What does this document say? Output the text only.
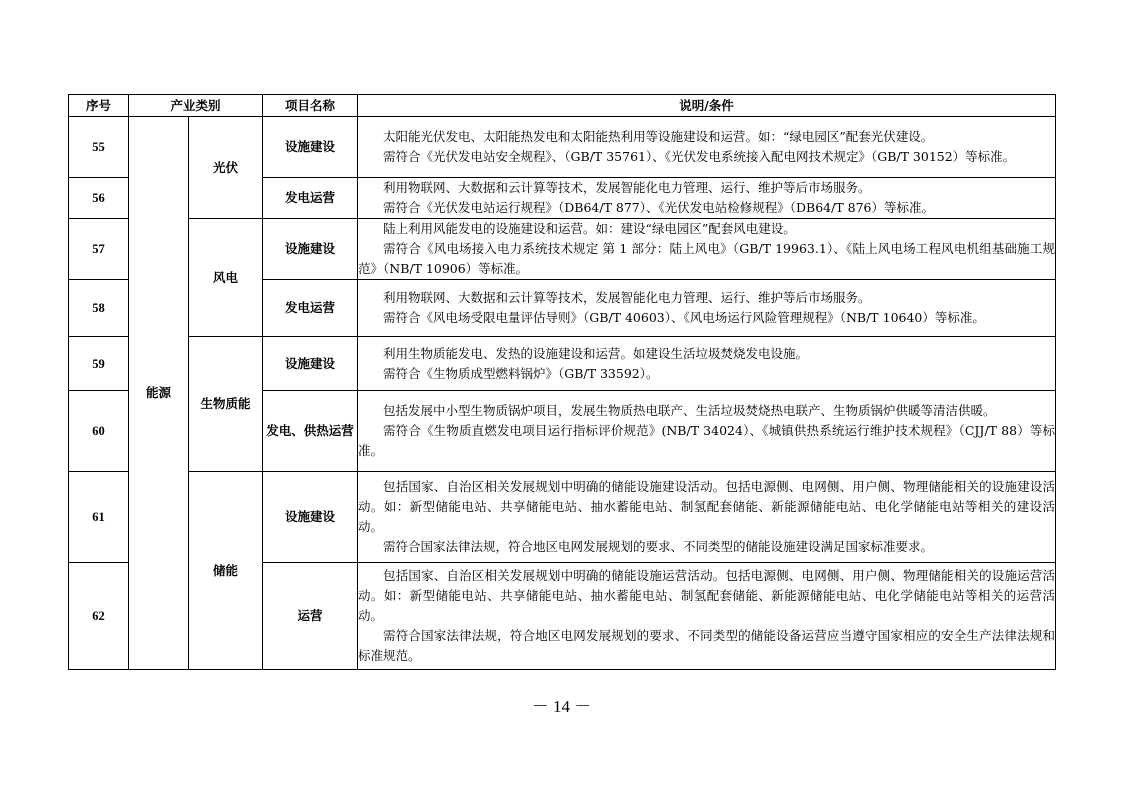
序号	产业类别		项目名称	说明/条件
55	能源	光伏	设施建设	太阳能光伏发电、太阳能热发电和太阳能热利用等设施建设和运营。如：“绿电园区”配套光伏建设。

需符合《光伏发电站安全规程》、（GB/T 35761）、《光伏发电系统接入配电网技术规定》（GB/T 30152）等标准。

56			发电运营	利用物联网、大数据和云计算等技术，发展智能化电力管理、运行、维护等后市场服务。

需符合《光伏发电站运行规程》（DB64/T 877）、《光伏发电站检修规程》（DB64/T 876）等标准。

57		风电	设施建设	陆上利用风能发电的设施建设和运营。如：建设“绿电园区”配套风电建设。

需符合《风电场接入电力系统技术规定 第 1 部分：陆上风电》（GB/T 19963.1）、《陆上风电场工程风电机组基础施工规范》（NB/T 10906）等标准。

58			发电运营	利用物联网、大数据和云计算等技术，发展智能化电力管理、运行、维护等后市场服务。

需符合《风电场受限电量评估导则》（GB/T 40603）、《风电场运行风险管理规程》（NB/T 10640）等标准。

59		生物质能	设施建设	利用生物质能发电、发热的设施建设和运营。如建设生活垃圾焚烧发电设施。

需符合《生物质成型燃料锅炉》（GB/T 33592）。

60			发电、供热运营	包括发展中小型生物质锅炉项目，发展生物质热电联产、生活垃圾焚烧热电联产、生物质锅炉供暖等清洁供暖。

需符合《生物质直燃发电项目运行指标评价规范》(NB/T 34024）、《城镇供热系统运行维护技术规程》（CJJ/T 88）等标准。

61		储能	设施建设	包括国家、自治区相关发展规划中明确的储能设施建设活动。包括电源侧、电网侧、用户侧、物理储能相关的设施建设活动。如：新型储能电站、共享储能电站、抽水蓄能电站、制氢配套储能、新能源储能电站、电化学储能电站等相关的建设活动。

需符合国家法律法规，符合地区电网发展规划的要求、不同类型的储能设施建设满足国家标准要求。

62			运营	包括国家、自治区相关发展规划中明确的储能设施运营活动。包括电源侧、电网侧、用户侧、物理储能相关的设施运营活动。如：新型储能电站、共享储能电站、抽水蓄能电站、制氢配套储能、新能源储能电站、电化学储能电站等相关的运营活动。

需符合国家法律法规，符合地区电网发展规划的要求、不同类型的储能设备运营应当遵守国家相应的安全生产法律法规和标准规范。

－ 14 －
